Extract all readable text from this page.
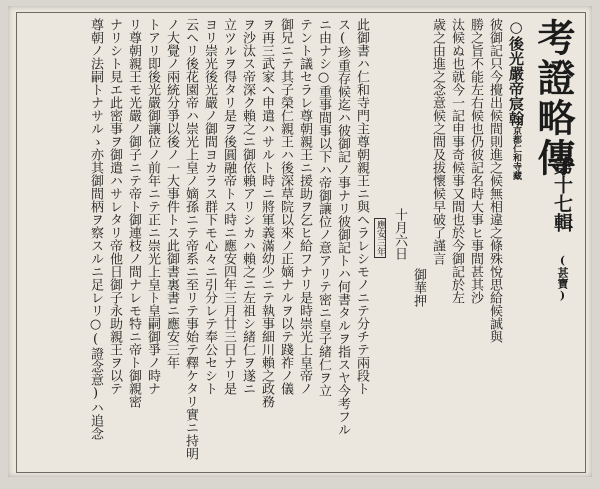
考證略傳
○後光嚴帝宸翰京都仁和寺藏
彼御記只今攪出候間則進之候無相違之條殊悅思給候誠與
勝之旨不能左右候也仍彼記名時大事ヒ事間甚其沙
汰候ぬ也就今一記申事奇候事又間也於今御記於左
歳之由進之念意候之間及拔懷候早破了謹言
御華押
十月六日
應安三年
此御書ハ仁和寺門主尊朝親王ニ與ヘラレシモノニテ分チテ兩段ト
ス(珍重存候迄ハ彼御記ノ事ナリ彼御記トハ何書タルヲ指スヤ今考フル
ニ由ナシ○重事間事以下ハ帝御讓位ノ意アリテ密ニ皇子緒仁ヲ立
テント議セラレ尊朝親王ニ援助ヲ乞ヒ給フナリ是時崇光上皇帝ノ
御兄ニテ其子榮仁親王ハ後深草院以來ノ正嫡ナルヲ以テ踐祚ノ儀
ヲ再三武家へ申遣ハサルト時ニ將軍義滿幼少ニテ執事細川賴之政務
ヲ沙汰ス帝深ク賴之ニ御依賴アリシカハ賴之ニ左祖シ緒仁ヲ遂ニ
立ツルヲ得タリ是ヲ後圓融帝トス時ニ應安四年三月廿三日ナリ是
ヨリ崇光後光嚴ノ御間ヨカラス群下モ心々ニ引分レテ奉公セシト
云ヘリ後花園帝ハ崇光上皇ノ嫡孫ニテ帝系ニ至リテ事始テ釋ケタリ實ニ持明
ノ大覺ノ兩統分爭以後ノ一大事件トス此御書裏書ニ應安三年
トアリ即後光嚴御讓位ノ前年ニテ正ニ崇光上皇ト皇嗣御爭ノ時ナ
リ尊朝親王モ光嚴ノ御子ニテ帝ト御連枝ノ間ナレモ特ニ帝ト御親密
ナリシト見エ此密事ヲ御遣ハサレタリ帝他日御子永助親王ヲ以テ
尊朝ノ法嗣トナサルゝ亦其御間柄ヲ察スルニ足レリ○(證念意)ハ追念	第十七輯 (甚寶)
